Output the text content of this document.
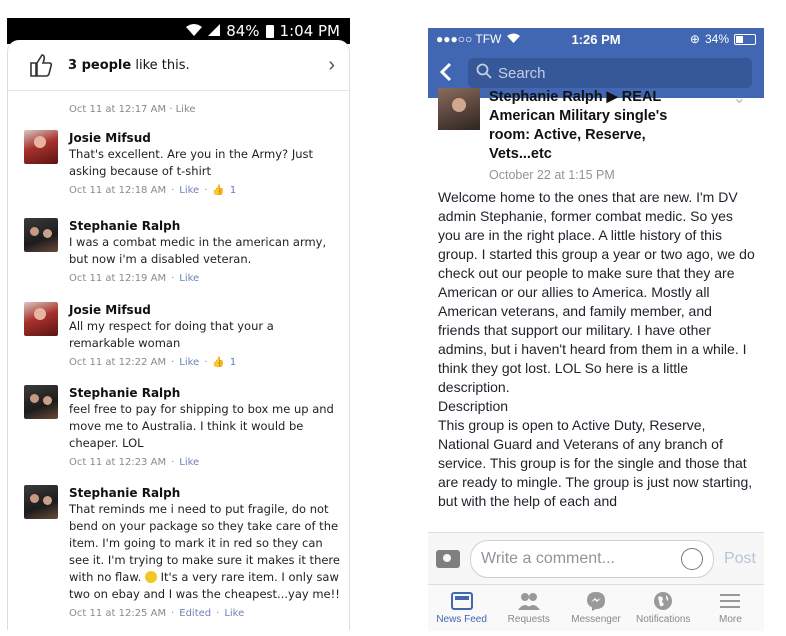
84% 1:04 PM
3 people like this.	›
Oct 11 at 12:17 AM · Like
Josie Mifsud
That's excellent. Are you in the Army? Just asking because of t-shirt
Oct 11 at 12:18 AM · Like · 👍 1
Stephanie Ralph
I was a combat medic in the american army, but now i'm a disabled veteran.
Oct 11 at 12:19 AM · Like
Josie Mifsud
All my respect for doing that your a remarkable woman
Oct 11 at 12:22 AM · Like · 👍 1
Stephanie Ralph
feel free to pay for shipping to box me up and move me to Australia. I think it would be cheaper. LOL
Oct 11 at 12:23 AM · Like
Stephanie Ralph
That reminds me i need to put fragile, do not bend on your package so they take care of the item. I'm going to mark it in red so they can see it. I'm trying to make sure it makes it there with no flaw. It's a very rare item. I only saw two on ebay and I was the cheapest...yay me!!
Oct 11 at 12:25 AM · Edited · Like
●●●○○ TFW	1:26 PM	⊕ 34%
Search
Stephanie Ralph ▶ REAL American Military single's room: Active, Reserve, Vets...etc
October 22 at 1:15 PM
⌄

Welcome home to the ones that are new. I'm DV admin Stephanie, former combat medic. So yes you are in the right place. A little history of this group. I started this group a year or two ago, we do check out our people to make sure that they are American or our allies to America. Mostly all American veterans, and family member, and friends that support our military. I have other admins, but i haven't heard from them in a while. I think they got lost. LOL So here is a little description.

Description

This group is open to Active Duty, Reserve, National Guard and Veterans of any branch of service. This group is for the single and those that are ready to mingle. The group is just now starting, but with the help of each and

Write a comment...	Post
News Feed Requests Messenger Notifications	More
